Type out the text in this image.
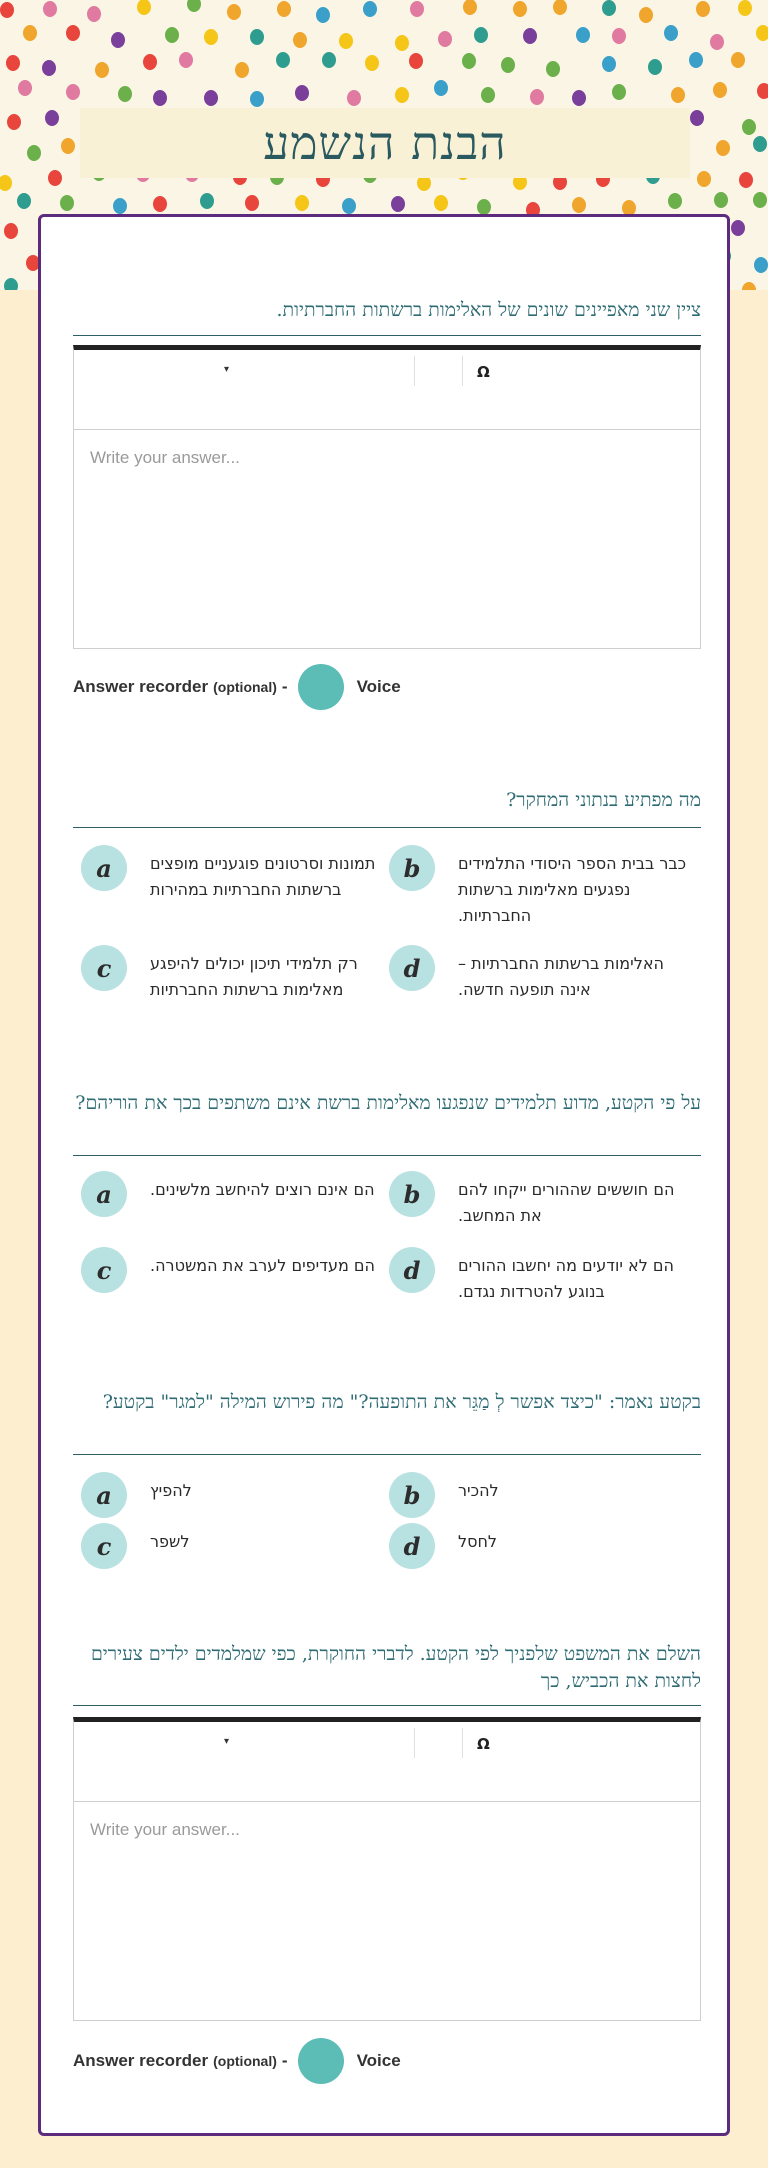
הבנת הנשמע
ציין שני מאפיינים שונים של האלימות ברשתות החברתיות.
▾	Ω
Write your answer...
Answer recorder (optional) -	Voice
מה מפתיע בנתוני המחקר?
a	תמונות וסרטונים פוגעניים מופצים ברשתות החברתיות במהירות
b	כבר בבית הספר היסודי התלמידים נפגעים מאלימות ברשתות החברתיות.
c	רק תלמידי תיכון יכולים להיפגע מאלימות ברשתות החברתיות
d	האלימות ברשתות החברתיות – אינה תופעה חדשה.
על פי הקטע, מדוע תלמידים שנפגעו מאלימות ברשת אינם משתפים בכך את הוריהם?
a	הם אינם רוצים להיחשב מלשינים.	b	הם חוששים שההורים ייקחו להם את המחשב.
c	הם מעדיפים לערב את המשטרה.	d	הם לא יודעים מה יחשבו ההורים בנוגע להטרדות נגדם.
בקטע נאמר: "כיצד אפשר לְ מַגֵּר את התופעה?" מה פירוש המילה "למגר" בקטע?
a	להפיץ	b	להכיר
c	לשפר	d	לחסל
השלם את המשפט שלפניך לפי הקטע. לדברי החוקרת, כפי שמלמדים ילדים צעירים לחצות את הכביש, כך
▾	Ω
Write your answer...
Answer recorder (optional) -	Voice
